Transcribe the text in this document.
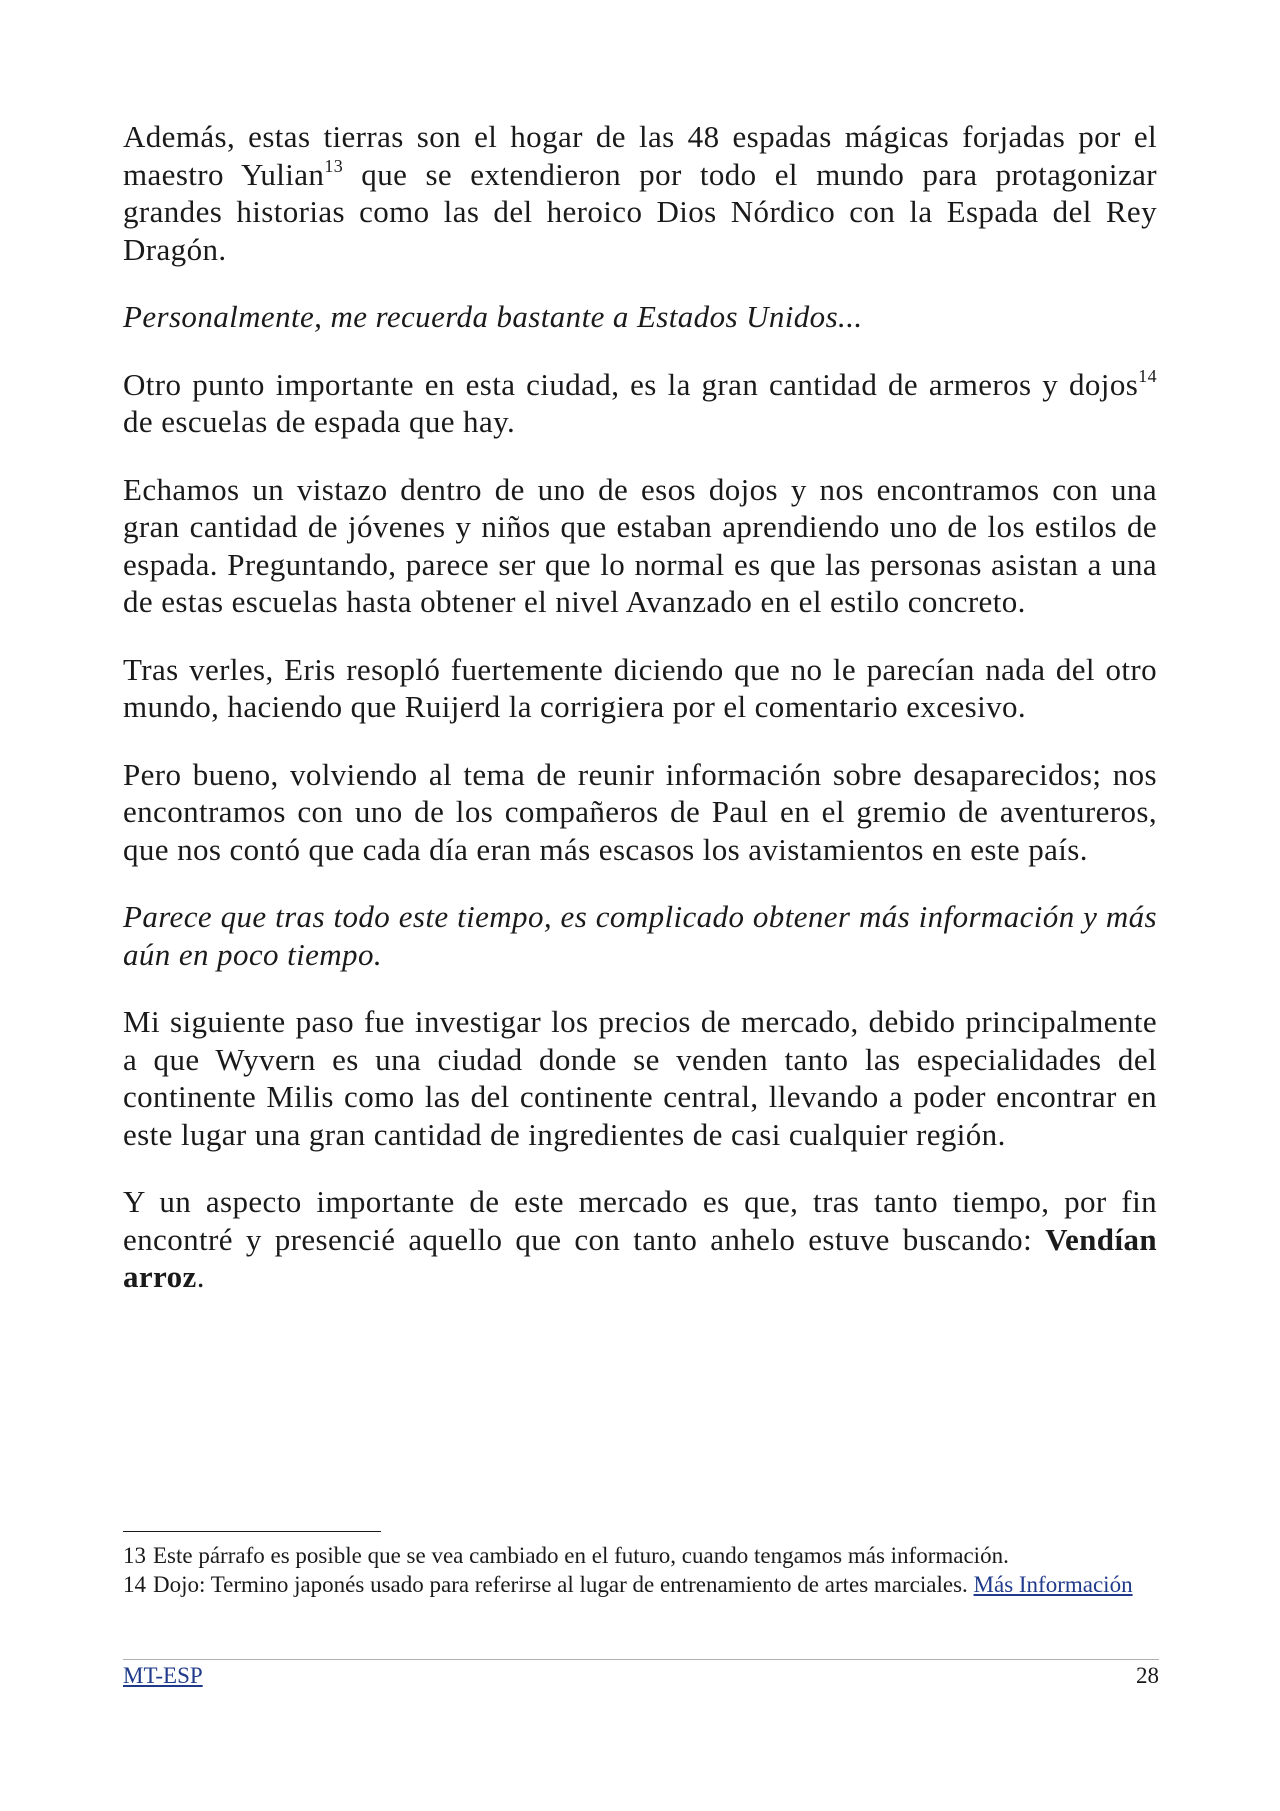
Además, estas tierras son el hogar de las 48 espadas mágicas forjadas por el maestro Yulian$^{13}$ que se extendieron por todo el mundo para protagonizar grandes historias como las del heroico Dios Nórdico con la Espada del Rey Dragón.

Personalmente, me recuerda bastante a Estados Unidos...

Otro punto importante en esta ciudad, es la gran cantidad de armeros y dojos$^{14}$ de escuelas de espada que hay.

Echamos un vistazo dentro de uno de esos dojos y nos encontramos con una gran cantidad de jóvenes y niños que estaban aprendiendo uno de los estilos de espada. Preguntando, parece ser que lo normal es que las personas asistan a una de estas escuelas hasta obtener el nivel Avanzado en el estilo concreto.

Tras verles, Eris resopló fuertemente diciendo que no le parecían nada del otro mundo, haciendo que Ruijerd la corrigiera por el comentario excesivo.

Pero bueno, volviendo al tema de reunir información sobre desaparecidos; nos encontramos con uno de los compañeros de Paul en el gremio de aventureros, que nos contó que cada día eran más escasos los avistamientos en este país.

Parece que tras todo este tiempo, es complicado obtener más información y más aún en poco tiempo.

Mi siguiente paso fue investigar los precios de mercado, debido principalmente a que Wyvern es una ciudad donde se venden tanto las especialidades del continente Milis como las del continente central, llevando a poder encontrar en este lugar una gran cantidad de ingredientes de casi cualquier región.

Y un aspecto importante de este mercado es que, tras tanto tiempo, por fin encontré y presencié aquello que con tanto anhelo estuve buscando: Vendían arroz.

13 Este párrafo es posible que se vea cambiado en el futuro, cuando tengamos más información.
14 Dojo: Termino japonés usado para referirse al lugar de entrenamiento de artes marciales. Más Información
MT-ESP	28
